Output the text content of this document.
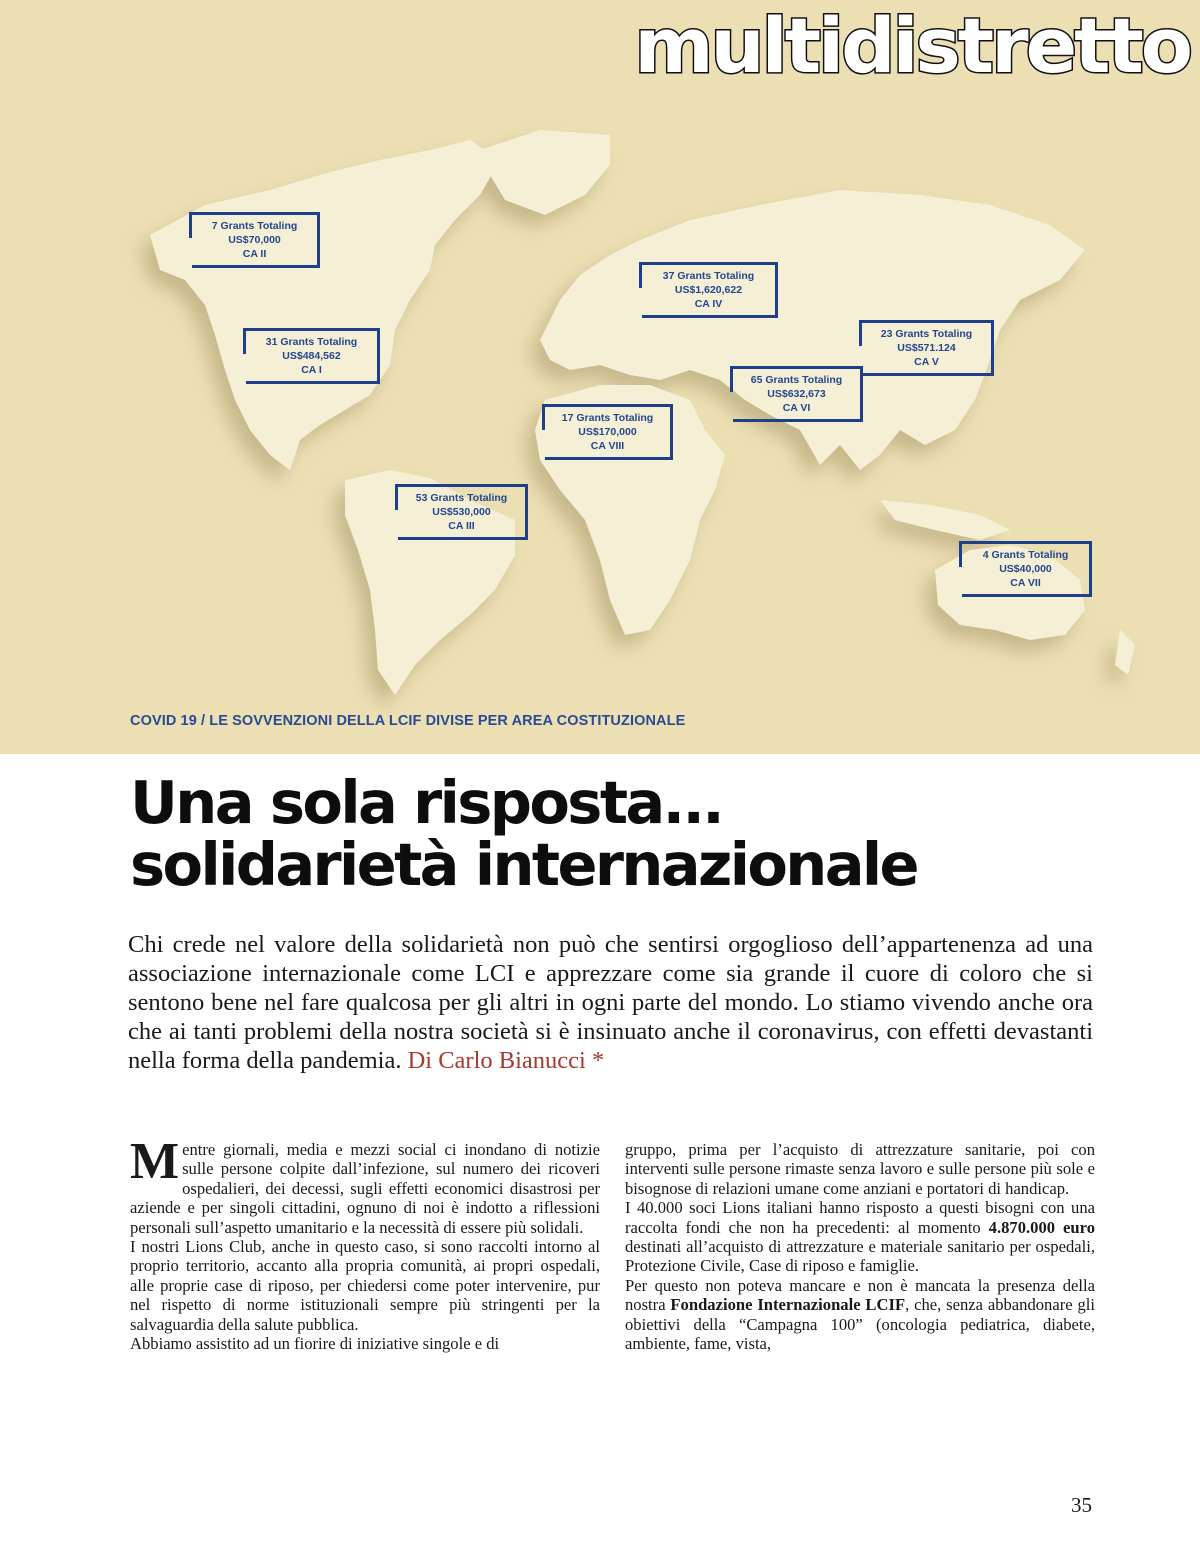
multidistretto
7 Grants Totaling
US$70,000
CA II
31 Grants Totaling
US$484,562
CA I
37 Grants Totaling
US$1,620,622
CA IV
23 Grants Totaling
US$571.124
CA V
65 Grants Totaling
US$632,673
CA VI
17 Grants Totaling
US$170,000
CA VIII
53 Grants Totaling
US$530,000
CA III
4 Grants Totaling
US$40,000
CA VII
COVID 19 / LE SOVVENZIONI DELLA LCIF DIVISE PER AREA COSTITUZIONALE
Una sola risposta...
solidarietà internazionale

Chi crede nel valore della solidarietà non può che sentirsi orgoglioso dell’appartenenza ad una associazione internazionale come LCI e apprezzare come sia grande il cuore di coloro che si sentono bene nel fare qualcosa per gli altri in ogni parte del mondo. Lo stiamo vivendo anche ora che ai tanti problemi della nostra società si è insinuato anche il coronavirus, con effetti devastanti nella forma della pandemia. Di Carlo Bianucci *

Mentre giornali, media e mezzi social ci inondano di notizie sulle persone colpite dall’infezione, sul numero dei ricoveri ospedalieri, dei decessi, sugli effetti economici disastrosi per aziende e per singoli cittadini, ognuno di noi è indotto a riflessioni personali sull’aspetto umanitario e la necessità di essere più solidali.

I nostri Lions Club, anche in questo caso, si sono raccolti intorno al proprio territorio, accanto alla propria comunità, ai propri ospedali, alle proprie case di riposo, per chiedersi come poter intervenire, pur nel rispetto di norme istituzionali sempre più stringenti per la salvaguardia della salute pubblica.

Abbiamo assistito ad un fiorire di iniziative singole e di

gruppo, prima per l’acquisto di attrezzature sanitarie, poi con interventi sulle persone rimaste senza lavoro e sulle persone più sole e bisognose di relazioni umane come anziani e portatori di handicap.

I 40.000 soci Lions italiani hanno risposto a questi bisogni con una raccolta fondi che non ha precedenti: al momento 4.870.000 euro destinati all’acquisto di attrezzature e materiale sanitario per ospedali, Protezione Civile, Case di riposo e famiglie.

Per questo non poteva mancare e non è mancata la presenza della nostra Fondazione Internazionale LCIF, che, senza abbandonare gli obiettivi della “Campagna 100” (oncologia pediatrica, diabete, ambiente, fame, vista,

35
